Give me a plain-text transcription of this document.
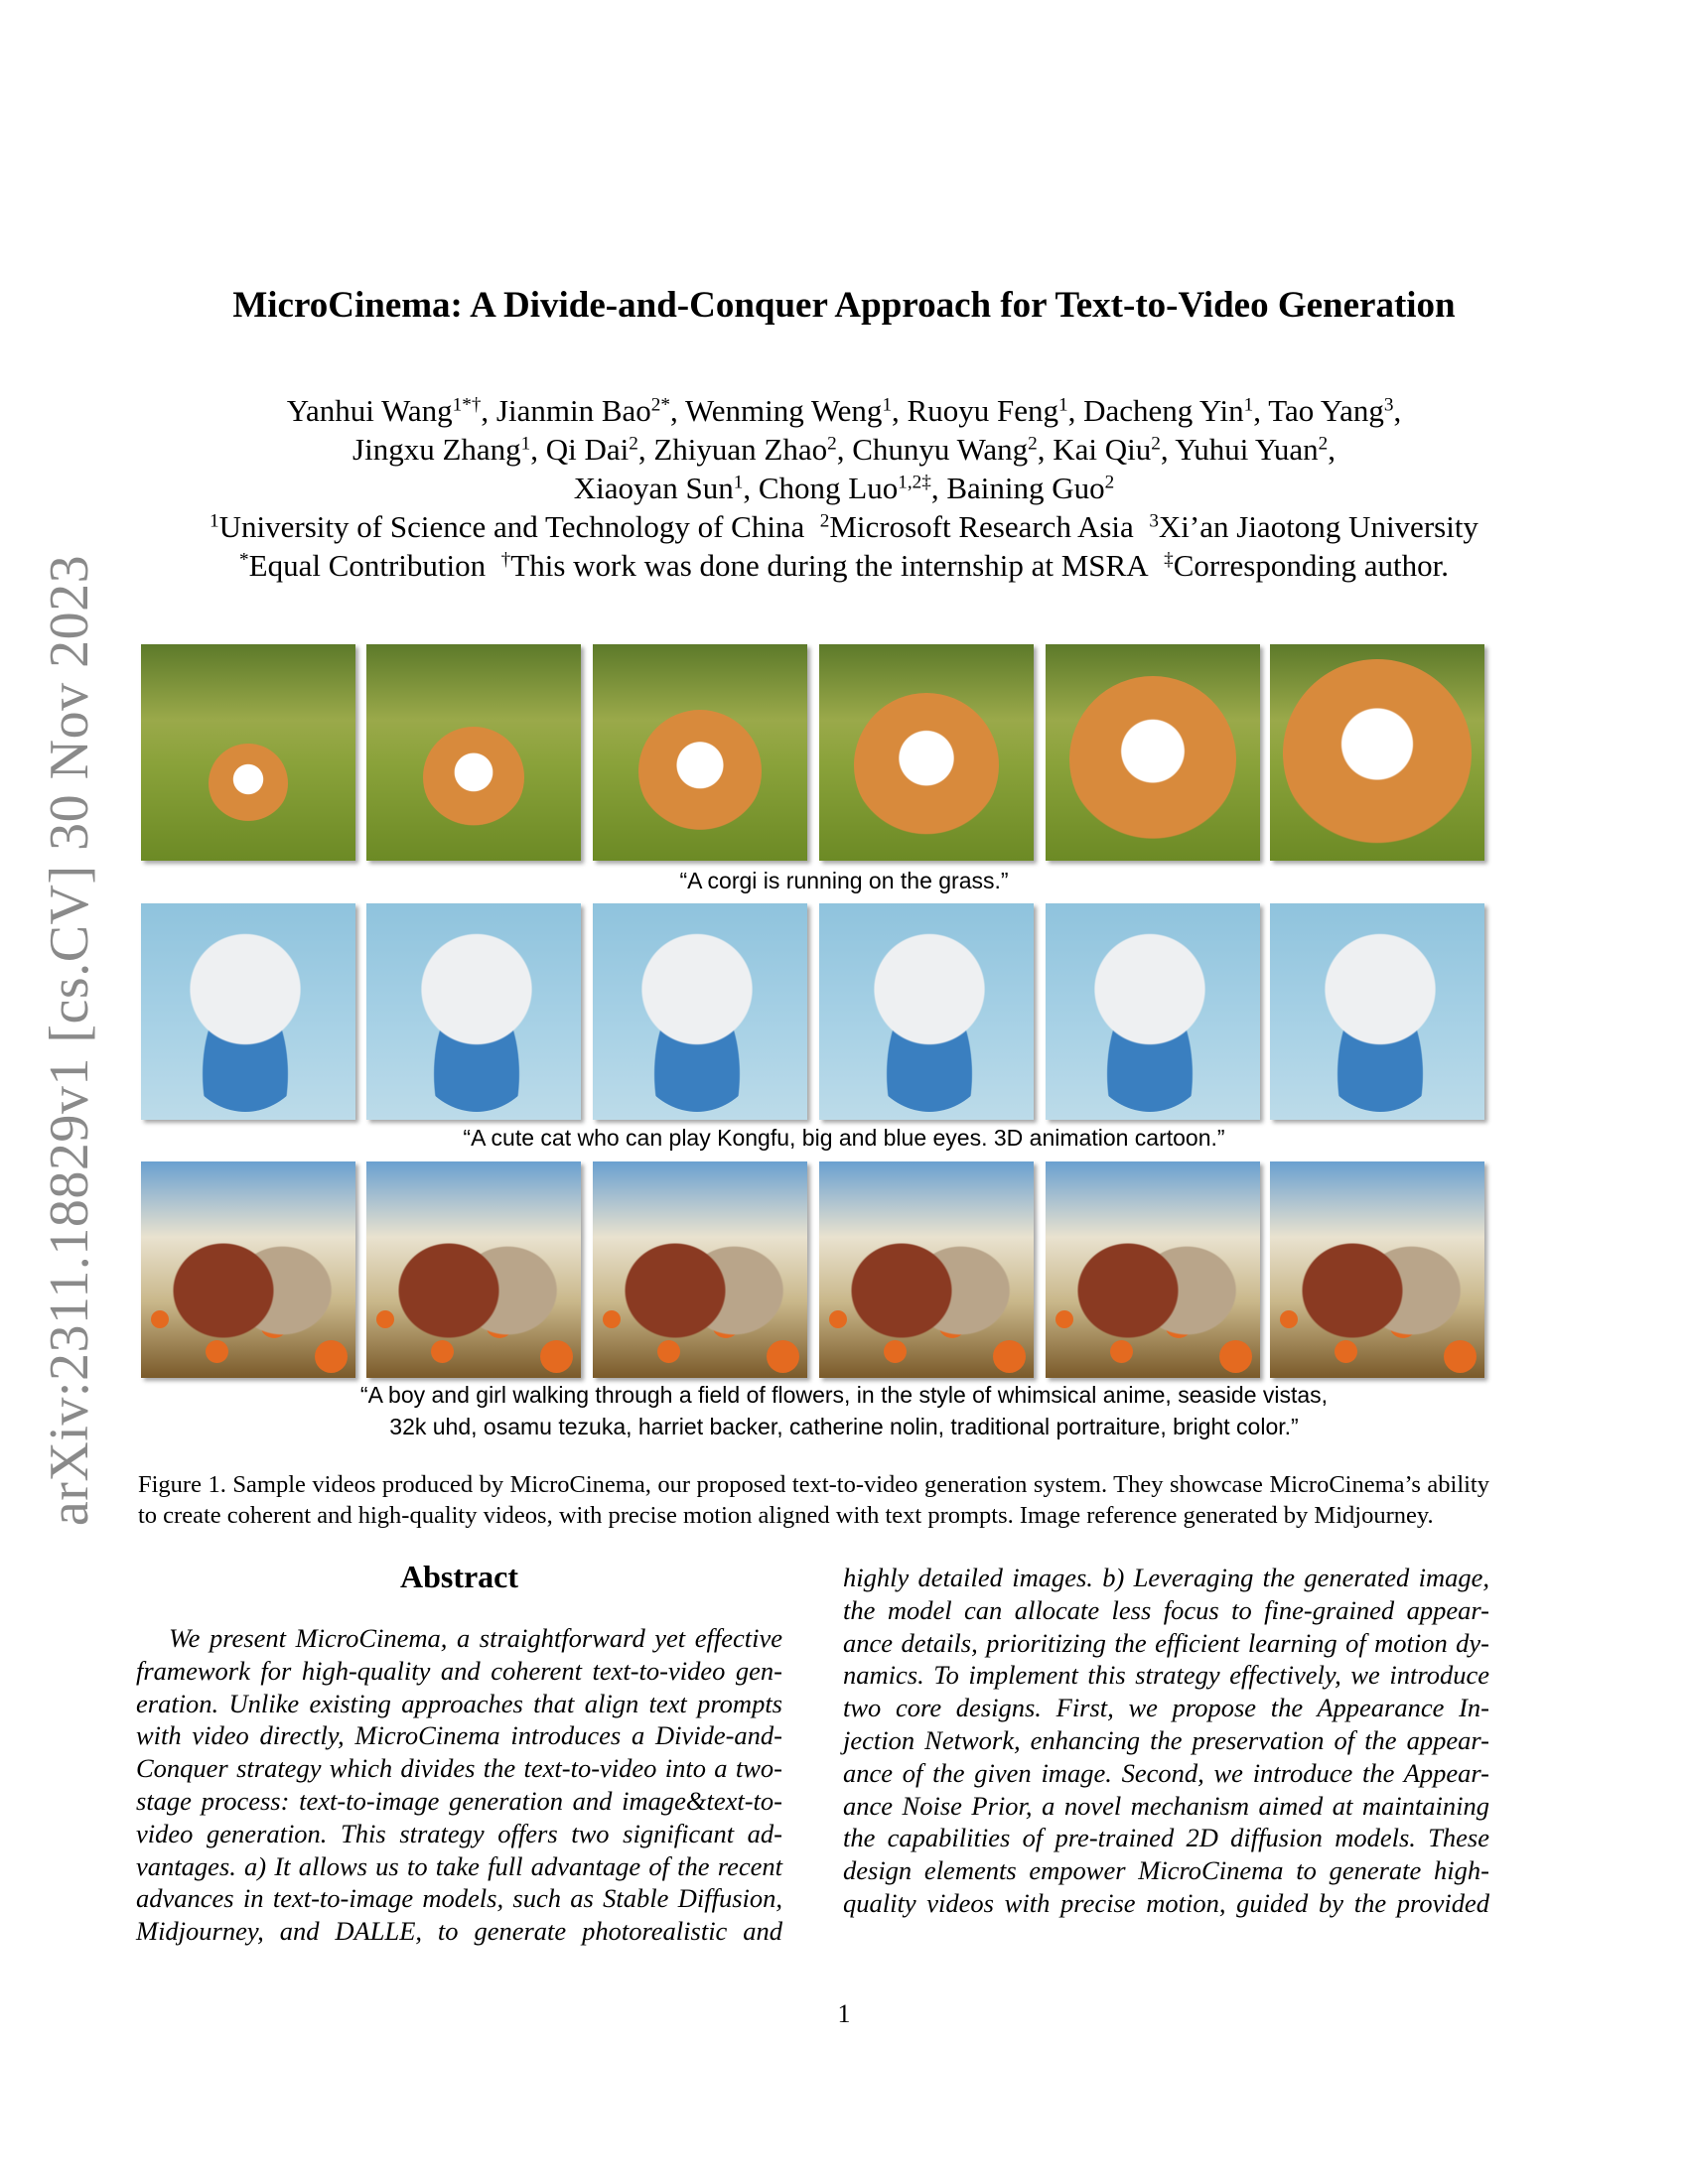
arXiv:2311.18829v1 [cs.CV] 30 Nov 2023
MicroCinema: A Divide-and-Conquer Approach for Text-to-Video Generation
Yanhui Wang$^{1*\dagger}$, Jianmin Bao$^{2*}$, Wenming Weng$^1$, Ruoyu Feng$^1$, Dacheng Yin$^1$, Tao Yang$^3$,
Jingxu Zhang$^1$, Qi Dai$^2$, Zhiyuan Zhao$^2$, Chunyu Wang$^2$, Kai Qiu$^2$, Yuhui Yuan$^2$,
Xiaoyan Sun$^1$, Chong Luo$^{1,2\ddagger}$, Baining Guo$^2$
$^1$University of Science and Technology of China $^2$Microsoft Research Asia $^3$Xi’an Jiaotong University
*Equal Contribution †This work was done during the internship at MSRA ‡Corresponding author.
“A corgi is running on the grass.”
“A cute cat who can play Kongfu, big and blue eyes. 3D animation cartoon.”
“A boy and girl walking through a field of flowers, in the style of whimsical anime, seaside vistas,
32k uhd, osamu tezuka, harriet backer, catherine nolin, traditional portraiture, bright color.”
Figure 1. Sample videos produced by MicroCinema, our proposed text-to-video generation system. They showcase MicroCinema’s ability
to create coherent and high-quality videos, with precise motion aligned with text prompts. Image reference generated by Midjourney.
Abstract
We present MicroCinema, a straightforward yet effective
framework for high-quality and coherent text-to-video gen-
eration. Unlike existing approaches that align text prompts
with video directly, MicroCinema introduces a Divide-and-
Conquer strategy which divides the text-to-video into a two-
stage process: text-to-image generation and image&text-to-
video generation. This strategy offers two significant ad-
vantages. a) It allows us to take full advantage of the recent
advances in text-to-image models, such as Stable Diffusion,
Midjourney, and DALLE, to generate photorealistic and
highly detailed images. b) Leveraging the generated image,
the model can allocate less focus to fine-grained appear-
ance details, prioritizing the efficient learning of motion dy-
namics. To implement this strategy effectively, we introduce
two core designs. First, we propose the Appearance In-
jection Network, enhancing the preservation of the appear-
ance of the given image. Second, we introduce the Appear-
ance Noise Prior, a novel mechanism aimed at maintaining
the capabilities of pre-trained 2D diffusion models. These
design elements empower MicroCinema to generate high-
quality videos with precise motion, guided by the provided
1
